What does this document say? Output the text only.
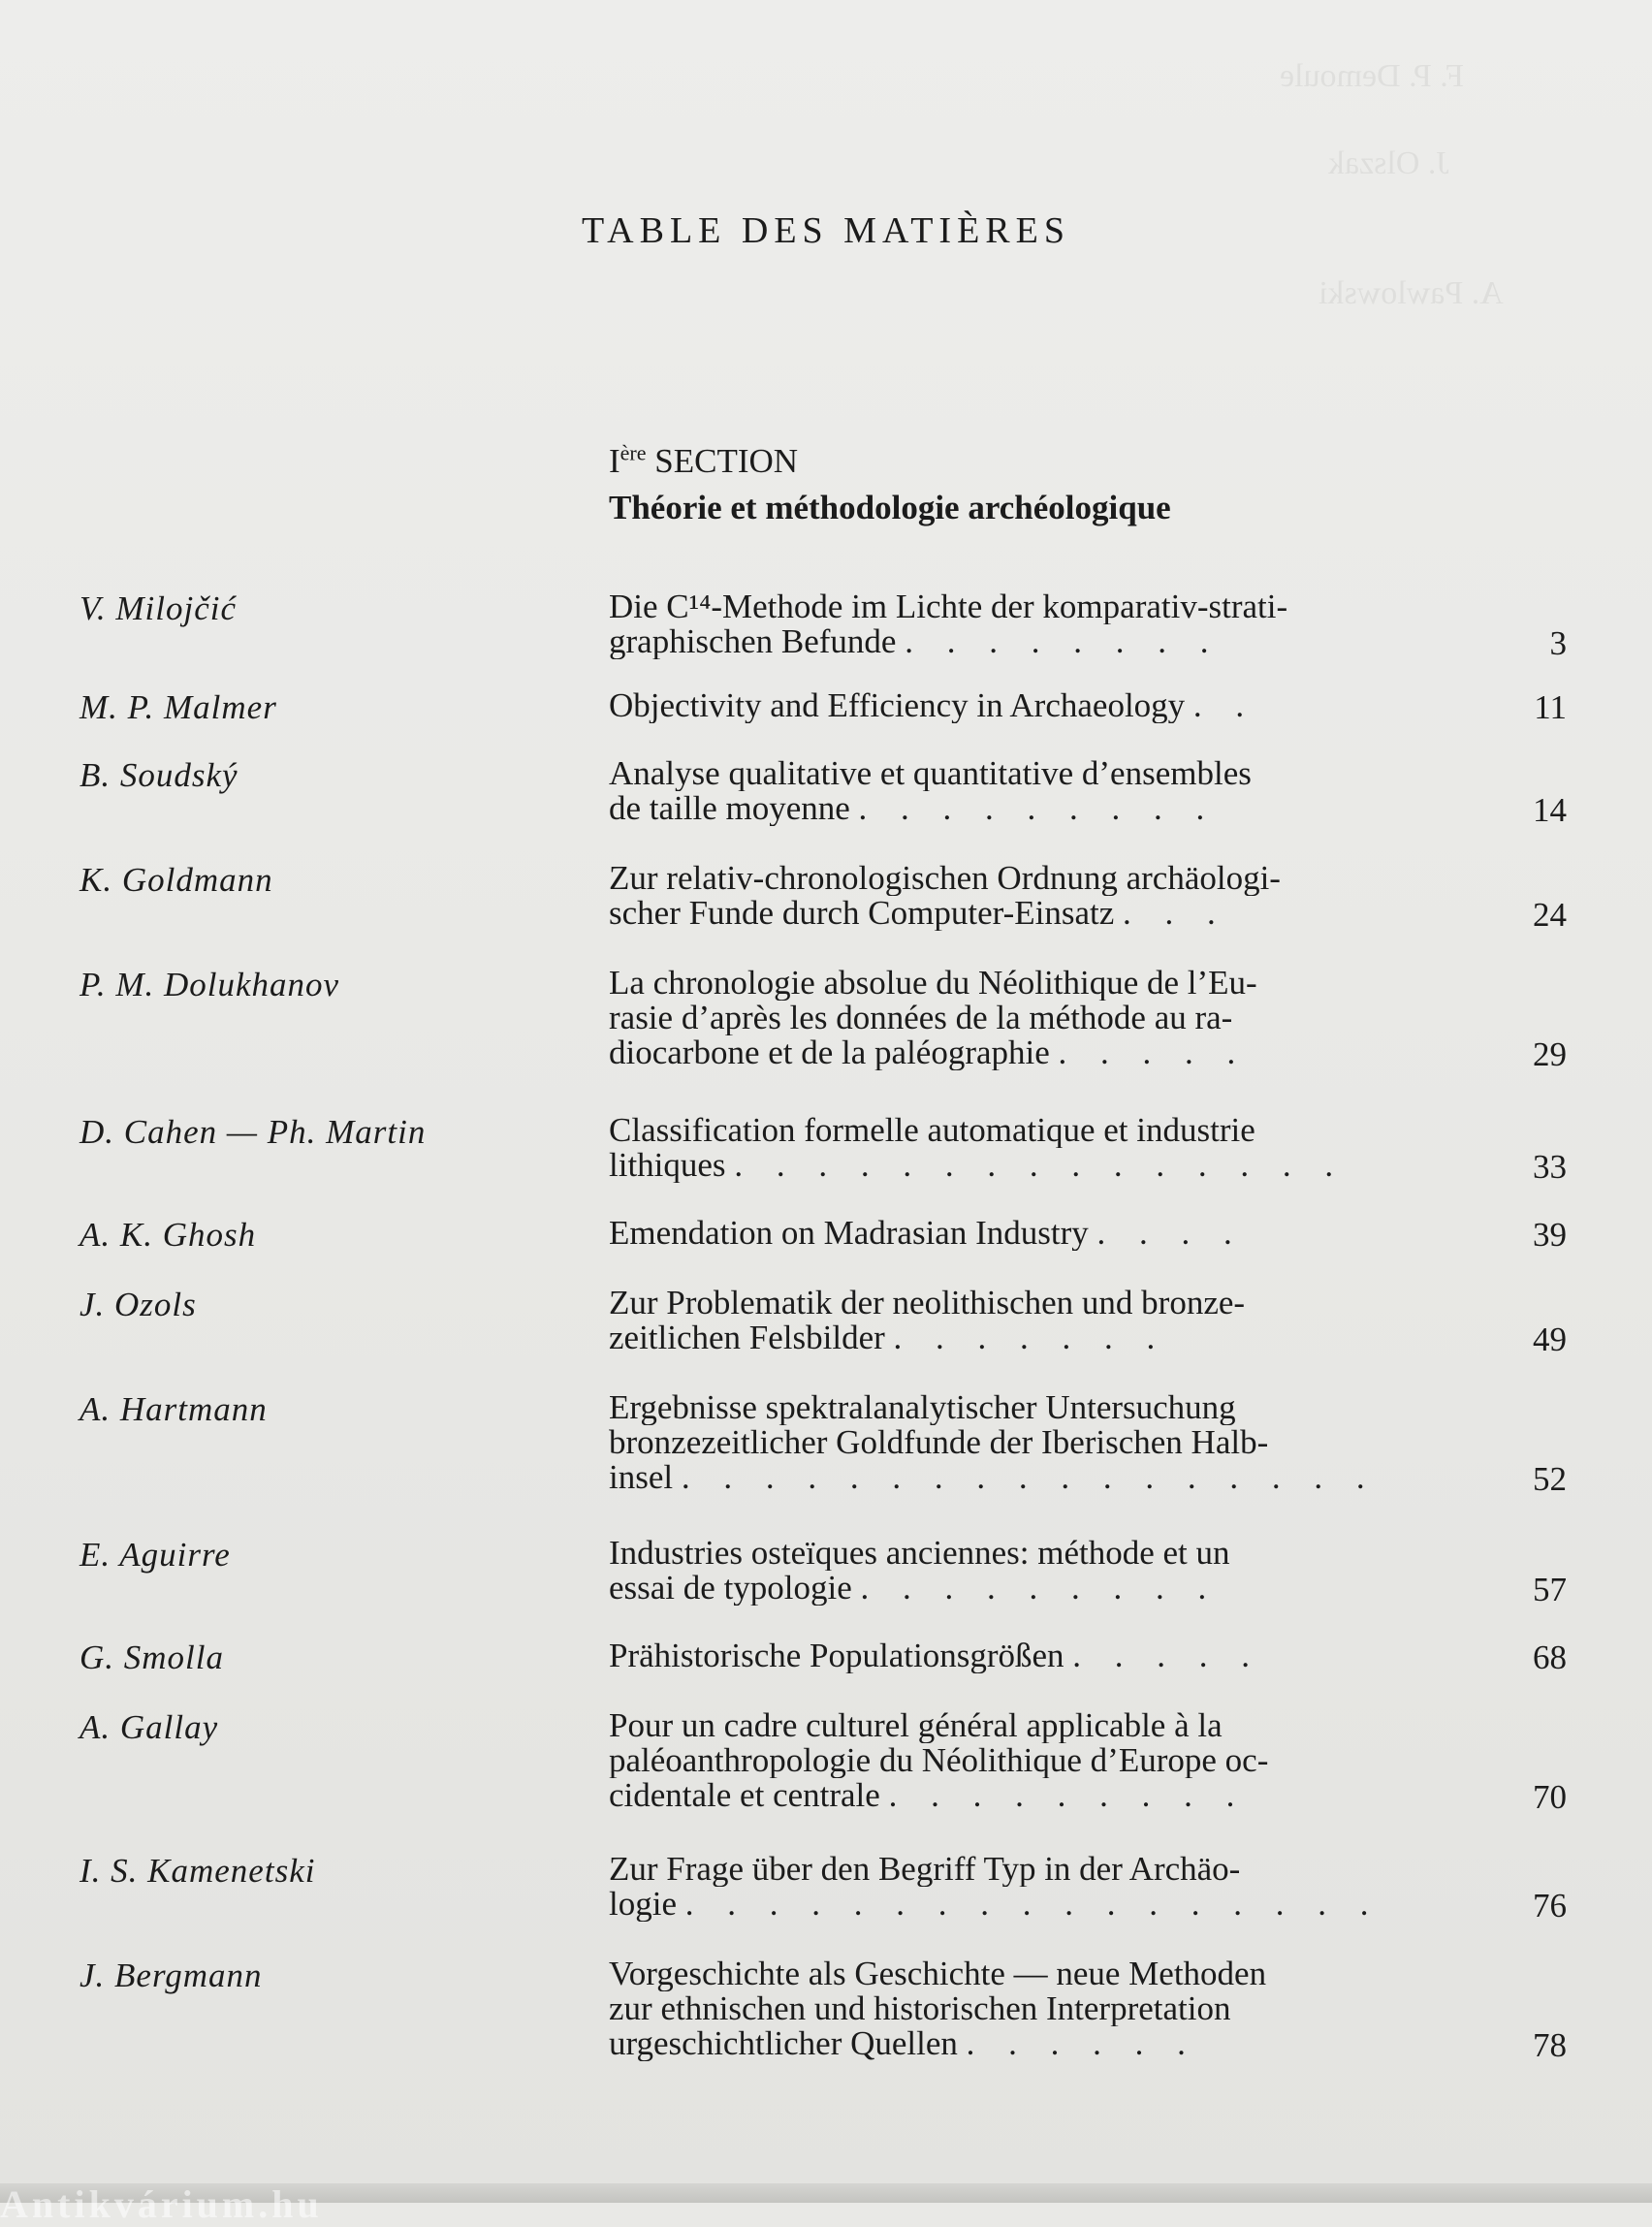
F. P. Demoule
J. Olszak
A. Pawlowski
TABLE DES MATIÈRES
Ière SECTION
Théorie et méthodologie archéologique
V. Milojčić	Die C¹⁴-Methode im Lichte der komparativ-strati-
graphischen Befunde . . . . . . . .	3
M. P. Malmer	Objectivity and Efficiency in Archaeology . .	11
B. Soudský	Analyse qualitative et quantitative d’ensembles
de taille moyenne . . . . . . . . .	14
K. Goldmann	Zur relativ-chronologischen Ordnung archäologi-
scher Funde durch Computer-Einsatz . . .	24
P. M. Dolukhanov	La chronologie absolue du Néolithique de l’Eu-
rasie d’après les données de la méthode au ra-
diocarbone et de la paléographie . . . . .	29
D. Cahen — Ph. Martin	Classification formelle automatique et industrie
lithiques . . . . . . . . . . . . . . .	33
A. K. Ghosh	Emendation on Madrasian Industry . . . .	39
J. Ozols	Zur Problematik der neolithischen und bronze-
zeitlichen Felsbilder . . . . . . .	49
A. Hartmann	Ergebnisse spektralanalytischer Untersuchung
bronzezeitlicher Goldfunde der Iberischen Halb-
insel . . . . . . . . . . . . . . . . .	52
E. Aguirre	Industries osteïques anciennes: méthode et un
essai de typologie . . . . . . . . .	57
G. Smolla	Prähistorische Populationsgrößen . . . . .	68
A. Gallay	Pour un cadre culturel général applicable à la
paléoanthropologie du Néolithique d’Europe oc-
cidentale et centrale . . . . . . . . .	70
I. S. Kamenetski	Zur Frage über den Begriff Typ in der Archäo-
logie . . . . . . . . . . . . . . . . .	76
J. Bergmann	Vorgeschichte als Geschichte — neue Methoden
zur ethnischen und historischen Interpretation
urgeschichtlicher Quellen . . . . . .	78
Antikvárium.hu
